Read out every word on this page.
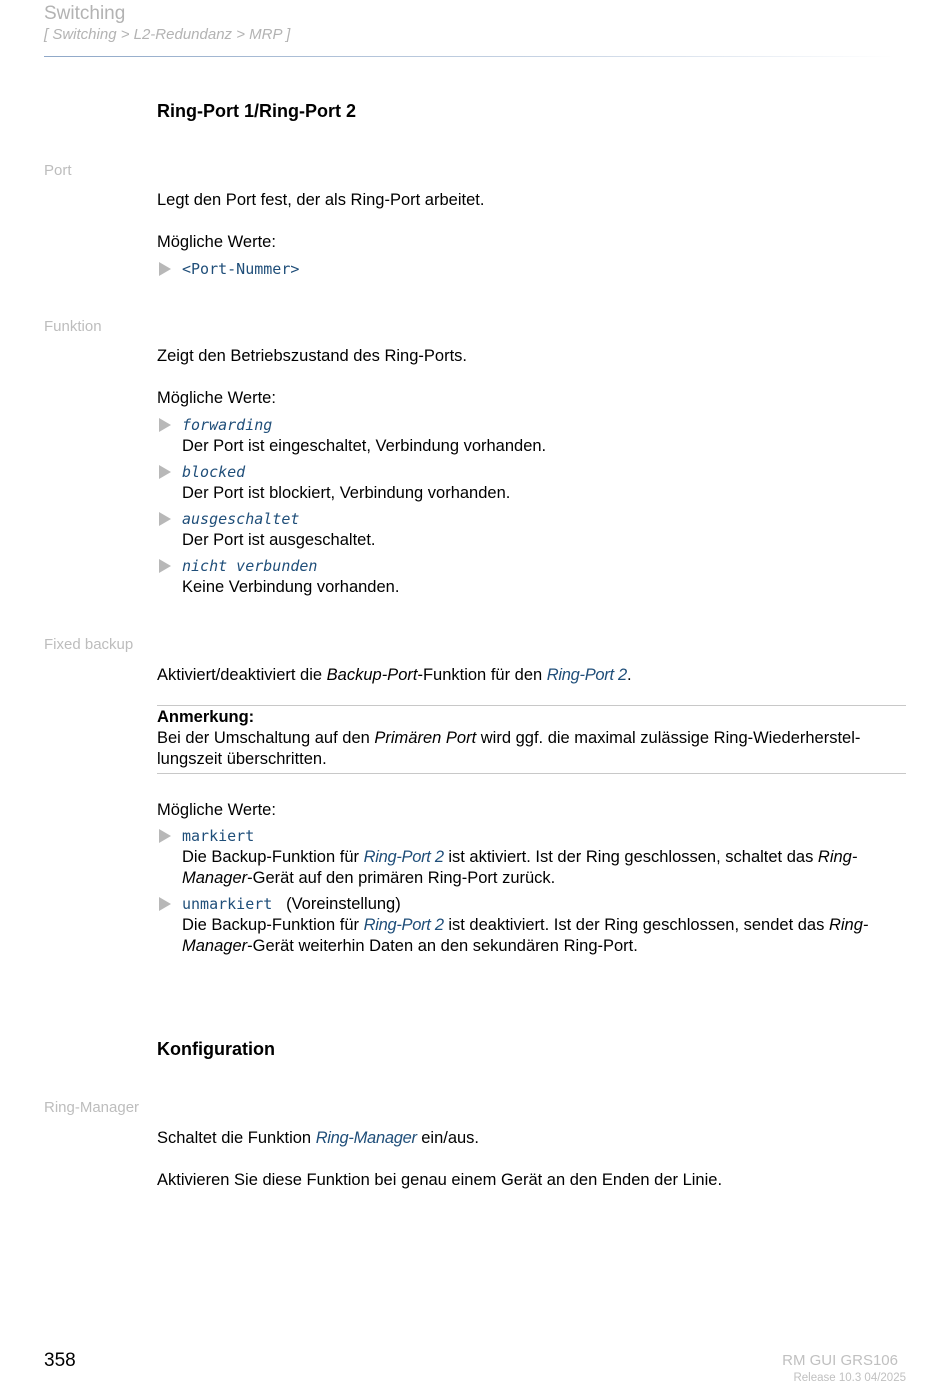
Switching
[ Switching > L2-Redundanz > MRP ]
Ring-Port 1/Ring-Port 2
Port
Legt den Port fest, der als Ring-Port arbeitet.
Mögliche Werte:
<Port-Nummer>
Funktion
Zeigt den Betriebszustand des Ring-Ports.
Mögliche Werte:
forwarding
Der Port ist eingeschaltet, Verbindung vorhanden.
blocked
Der Port ist blockiert, Verbindung vorhanden.
ausgeschaltet
Der Port ist ausgeschaltet.
nicht verbunden
Keine Verbindung vorhanden.
Fixed backup
Aktiviert/deaktiviert die Backup-Port-Funktion für den Ring-Port 2.
Anmerkung:
Bei der Umschaltung auf den Primären Port wird ggf. die maximal zulässige Ring-Wiederherstel-
lungszeit überschritten.
Mögliche Werte:
markiert
Die Backup-Funktion für Ring-Port 2 ist aktiviert. Ist der Ring geschlossen, schaltet das Ring-
Manager-Gerät auf den primären Ring-Port zurück.
unmarkiert (Voreinstellung)
Die Backup-Funktion für Ring-Port 2 ist deaktiviert. Ist der Ring geschlossen, sendet das Ring-
Manager-Gerät weiterhin Daten an den sekundären Ring-Port.
Konfiguration
Ring-Manager
Schaltet die Funktion Ring-Manager ein/aus.
Aktivieren Sie diese Funktion bei genau einem Gerät an den Enden der Linie.
358	RM GUI GRS106
Release 10.3 04/2025
